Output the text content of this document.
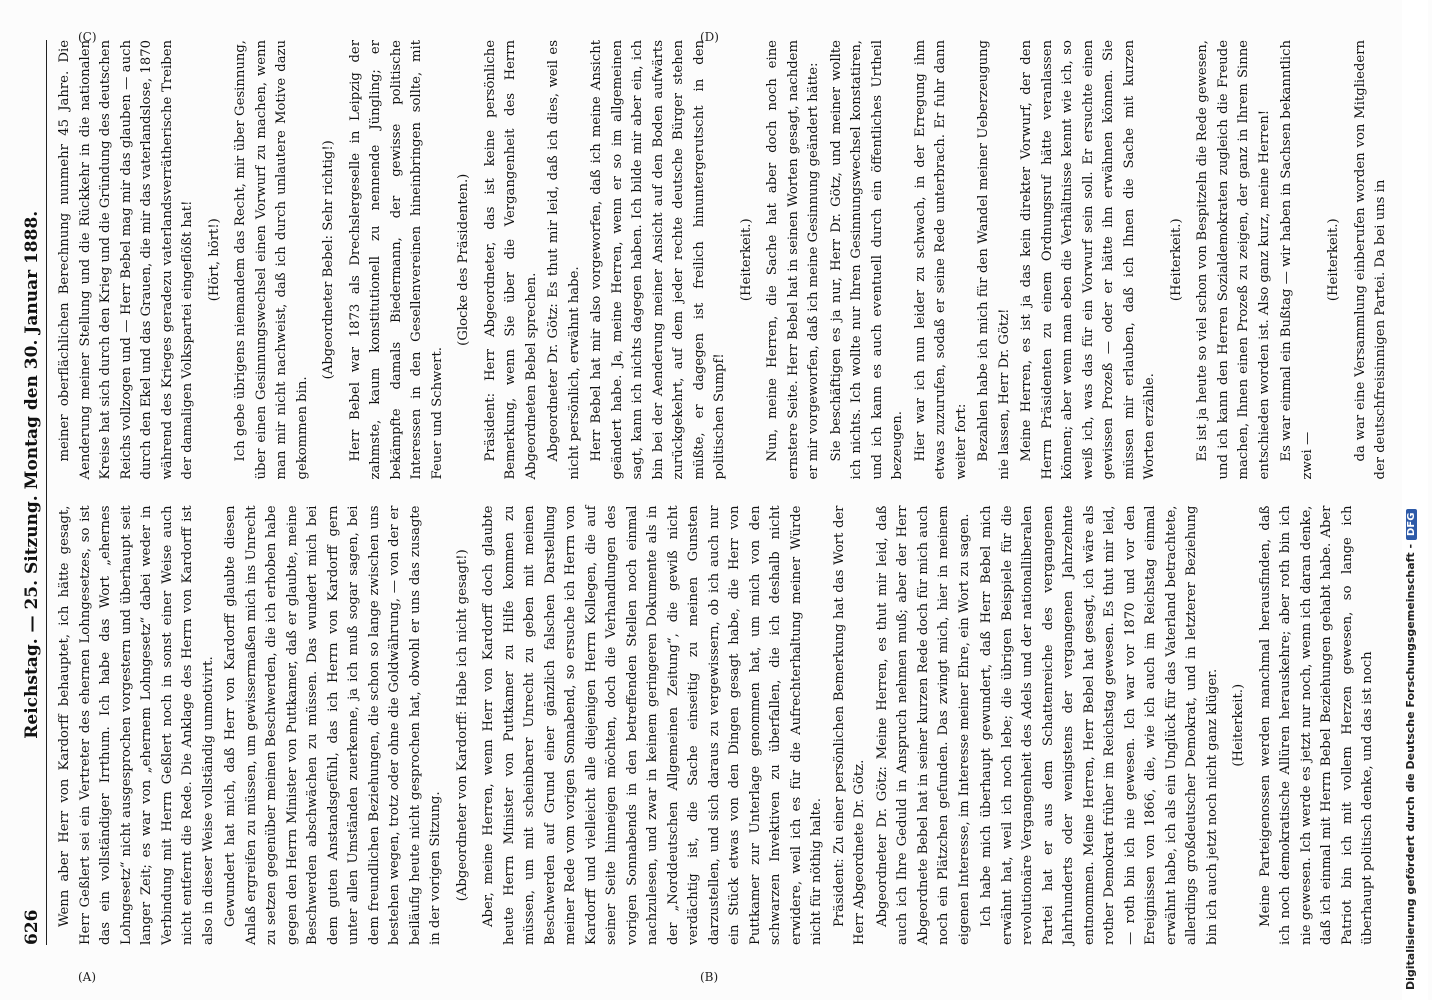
626
Reichstag. — 25. Sitzung. Montag den 30. Januar 1888. Wenn aber Herr von Kardorff behauptet, ich hätte gesagt, Herr Geßlert sei ein Vertreter des ehernen Lohngesetzes, so ist das ein vollständiger Irrthum. Ich habe das Wort „ehernes Lohngesetz“ nicht ausgesprochen vorgestern und überhaupt seit langer Zeit; es war von „ehernem Lohngesetz“ dabei weder in Verbindung mit Herrn Geßlert noch in sonst einer Weise auch nicht entfernt die Rede. Die Anklage des Herrn von Kardorff ist also in dieser Weise vollständig unmotivirt. Gewundert hat mich, daß Herr von Kardorff glaubte diesen Anlaß ergreifen zu müssen, um gewissermaßen mich ins Unrecht zu setzen gegenüber meinen Beschwerden, die ich erhoben habe gegen den Herrn Minister von Puttkamer, daß er glaubte, meine Beschwerden abschwächen zu müssen. Das wundert mich bei dem guten Anstandsgefühl, das ich Herrn von Kardorff gern unter allen Umständen zuerkenne, ja ich muß sogar sagen, bei dem freundlichen Beziehungen, die schon so lange zwischen uns bestehen wegen, trotz oder ohne die Goldwährung, — von der er beiläufig heute nicht gesprochen hat, obwohl er uns das zusagte in der vorigen Sitzung. (Abgeordneter von Kardorff: Habe ich nicht gesagt!) Aber, meine Herren, wenn Herr von Kardorff doch glaubte heute Herrn Minister von Puttkamer zu Hilfe kommen zu müssen, um mit scheinbarer Unrecht zu geben mit meinen Beschwerden auf Grund einer gänzlich falschen Darstellung meiner Rede vom vorigen Sonnabend, so ersuche ich Herrn von Kardorff und vielleicht alle diejenigen Herrn Kollegen, die auf seiner Seite hinneigen möchten, doch die Verhandlungen des vorigen Sonnabends in den betreffenden Stellen noch einmal nachzulesen, und zwar in keinem geringeren Dokumente als in der „Norddeutschen Allgemeinen Zeitung“, die gewiß nicht verdächtig ist, die Sache einseitig zu meinen Gunsten darzustellen, und sich daraus zu vergewissern, ob ich auch nur ein Stück etwas von den Dingen gesagt habe, die Herr von Puttkamer zur Unterlage genommen hat, um mich von den schwarzen Invektiven zu überfallen, die ich deshalb nicht erwidere, weil ich es für die Aufrechterhaltung meiner Würde nicht für nöthig halte. Präsident: Zu einer persönlichen Bemerkung hat das Wort der Herr Abgeordnete Dr. Götz. Abgeordneter Dr. Götz: Meine Herren, es thut mir leid, daß auch ich Ihre Geduld in Anspruch nehmen muß; aber der Herr Abgeordnete Bebel hat in seiner kurzen Rede doch für mich auch noch ein Plätzchen gefunden. Das zwingt mich, hier in meinem eigenen Interesse, im Interesse meiner Ehre, ein Wort zu sagen. Ich habe mich überhaupt gewundert, daß Herr Bebel mich erwähnt hat, weil ich noch lebe; die übrigen Beispiele für die revolutionäre Vergangenheit des Adels und der nationalliberalen Partei hat er aus dem Schattenreiche des vergangenen Jahrhunderts oder wenigstens der vergangenen Jahrzehnte entnommen. Meine Herren, Herr Bebel hat gesagt, ich wäre als rother Demokrat früher im Reichstag gewesen. Es thut mir leid, — roth bin ich nie gewesen. Ich war vor 1870 und vor den Ereignissen von 1866, die, wie ich auch im Reichstag einmal erwähnt habe, ich als ein Unglück für das Vaterland betrachtete, allerdings großdeutscher Demokrat, und in letzterer Beziehung bin ich auch jetzt noch nicht ganz klüger. (Heiterkeit.) Meine Parteigenossen werden manchmal herausfinden, daß ich noch demokratische Allüren herauskehre; aber roth bin ich nie gewesen. Ich werde es jetzt nur noch, wenn ich daran denke, daß ich einmal mit Herrn Bebel Beziehungen gehabt habe. Aber Patriot bin ich mit vollem Herzen gewesen, so lange ich überhaupt politisch denke, und das ist noch

meiner oberflächlichen Berechnung nunmehr 45 Jahre. Die Aenderung meiner Stellung und die Rückkehr in die nationalen Kreise hat sich durch den Krieg und die Gründung des deutschen Reichs vollzogen und — Herr Bebel mag mir das glauben — auch durch den Ekel und das Grauen, die mir das vaterlandslose, 1870 während des Krieges geradezu vaterlandsverrätherische Treiben der damaligen Volkspartei eingeflößt hat! (Hört, hört!) Ich gebe übrigens niemandem das Recht, mir über Gesinnung, über einen Gesinnungswechsel einen Vorwurf zu machen, wenn man mir nicht nachweist, daß ich durch unlautere Motive dazu gekommen bin.

(Abgeordneter Bebel: Sehr richtig!) Herr Bebel war 1873 als Drechslergeselle in Leipzig der zahmste, kaum konstitutionell zu nennende Jüngling; er bekämpfte damals Biedermann, der gewisse politische Interessen in den Gesellenvereinen hineinbringen sollte, mit Feuer und Schwert.

(Glocke des Präsidenten.) Präsident: Herr Abgeordneter, das ist keine persönliche Bemerkung, wenn Sie über die Vergangenheit des Herrn Abgeordneten Bebel sprechen. Abgeordneter Dr. Götz: Es thut mir leid, daß ich dies, weil es nicht persönlich, erwähnt habe. Herr Bebel hat mir also vorgeworfen, daß ich meine Ansicht geändert habe. Ja, meine Herren, wenn er so im allgemeinen sagt, kann ich nichts dagegen haben. Ich bilde mir aber ein, ich bin bei der Aenderung meiner Ansicht auf den Boden aufwärts zurückgekehrt, auf dem jeder rechte deutsche Bürger stehen müßte, er dagegen ist freilich hinuntergerutscht in den politischen Sumpf!

(Heiterkeit.) Nun, meine Herren, die Sache hat aber doch noch eine ernstere Seite. Herr Bebel hat in seinen Worten gesagt, nachdem er mir vorgeworfen, daß ich meine Gesinnung geändert hätte: Sie beschäftigen es ja nur, Herr Dr. Götz, und meiner wollte ich nichts. Ich wollte nur Ihren Gesinnungswechsel konstatiren, und ich kann es auch eventuell durch ein öffentliches Urtheil bezeugen. Hier war ich nun leider zu schwach, in der Erregung ihm etwas zuzurufen, sodaß er seine Rede unterbrach. Er fuhr dann weiter fort: Bezahlen habe ich mich für den Wandel meiner Ueberzeugung nie lassen, Herr Dr. Götz! Meine Herren, es ist ja das kein direkter Vorwurf, der den Herrn Präsidenten zu einem Ordnungsruf hätte veranlassen können; aber wenn man eben die Verhältnisse kennt wie ich, so weiß ich, was das für ein Vorwurf sein soll. Er ersuchte einen gewissen Prozeß — oder er hätte ihn erwähnen können. Sie müssen mir erlauben, daß ich Ihnen die Sache mit kurzen Worten erzähle.

(Heiterkeit.) Es ist ja heute so viel schon von Bespitzeln die Rede gewesen, und ich kann den Herren Sozialdemokraten zugleich die Freude machen, Ihnen einen Prozeß zu zeigen, der ganz in Ihrem Sinne entschieden worden ist. Also ganz kurz, meine Herren! Es war einmal ein Bußtag — wir haben in Sachsen bekanntlich zwei —

(Heiterkeit.) da war eine Versammlung einberufen worden von Mitgliedern der deutschfreisinnigen Partei. Da bei uns in

(A)	(B)
(C)	(D)
Digitalisierung gefördert durch die Deutsche Forschungsgemeinschaft -DFG
